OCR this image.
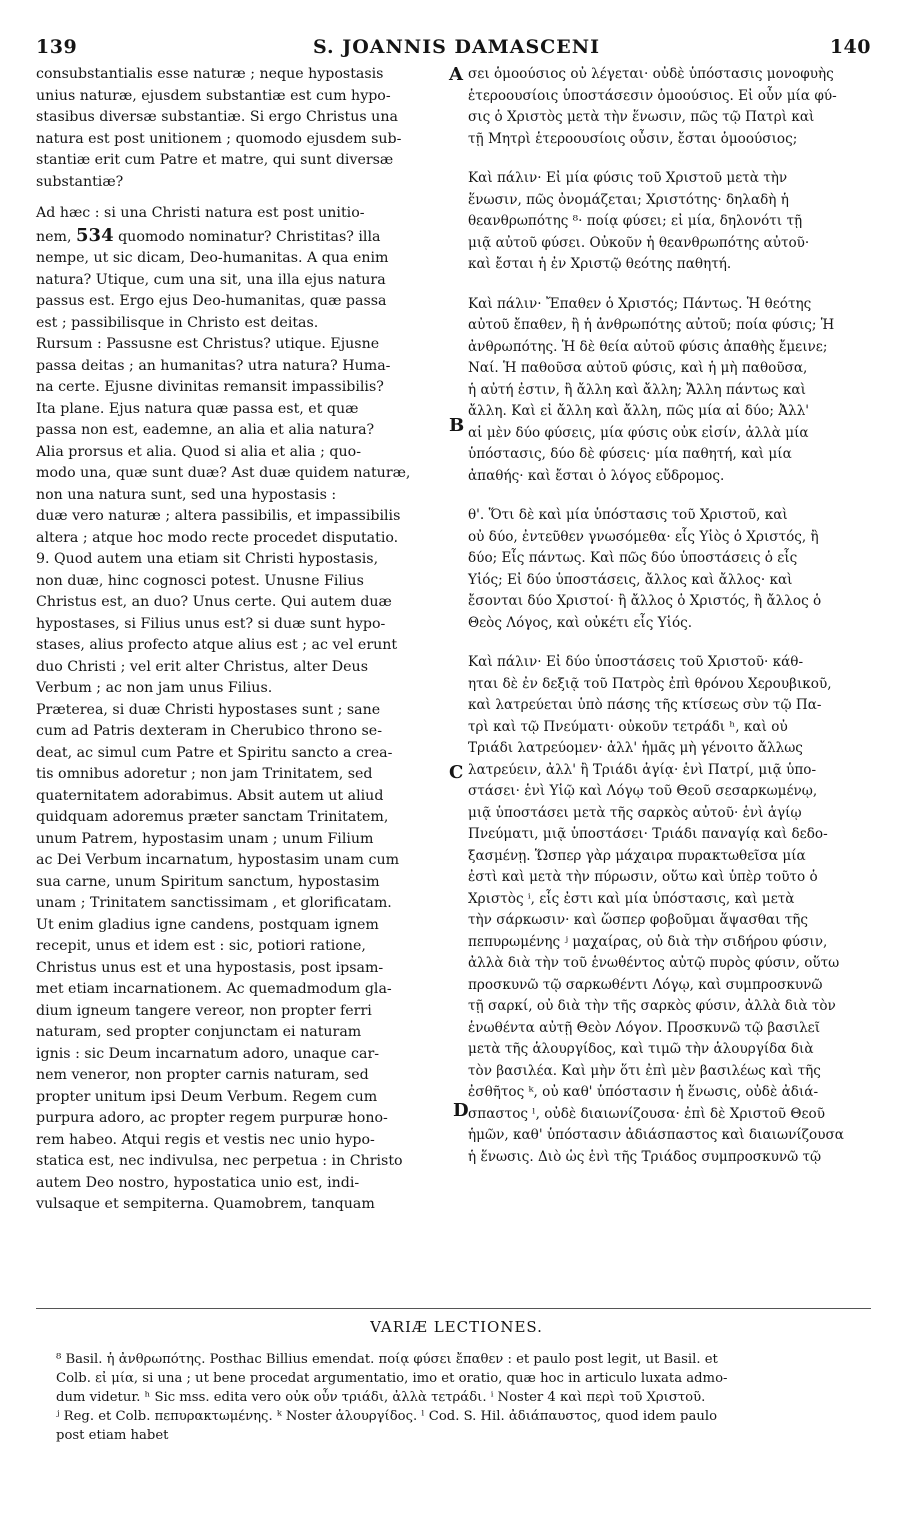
139	S. JOANNIS DAMASCENI	140

consubstantialis esse naturæ ; neque hypostasis
unius naturæ, ejusdem substantiæ est cum hypo-
stasibus diversæ substantiæ. Si ergo Christus una
natura est post unitionem ; quomodo ejusdem sub-
stantiæ erit cum Patre et matre, qui sunt diversæ
substantiæ?

Ad hæc : si una Christi natura est post unitio-
nem, 534 quomodo nominatur? Christitas? illa
nempe, ut sic dicam, Deo-humanitas. A qua enim
natura? Utique, cum una sit, una illa ejus natura
passus est. Ergo ejus Deo-humanitas, quæ passa
est ; passibilisque in Christo est deitas.

Rursum : Passusne est Christus? utique. Ejusne
passa deitas ; an humanitas? utra natura? Huma-
na certe. Ejusne divinitas remansit impassibilis?
Ita plane. Ejus natura quæ passa est, et quæ
passa non est, eademne, an alia et alia natura?
Alia prorsus et alia. Quod si alia et alia ; quo-
modo una, quæ sunt duæ? Ast duæ quidem naturæ,
non una natura sunt, sed una hypostasis :
duæ vero naturæ ; altera passibilis, et impassibilis
altera ; atque hoc modo recte procedet disputatio.

9. Quod autem una etiam sit Christi hypostasis,
non duæ, hinc cognosci potest. Unusne Filius
Christus est, an duo? Unus certe. Qui autem duæ
hypostases, si Filius unus est? si duæ sunt hypo-
stases, alius profecto atque alius est ; ac vel erunt
duo Christi ; vel erit alter Christus, alter Deus
Verbum ; ac non jam unus Filius.

Præterea, si duæ Christi hypostases sunt ; sane
cum ad Patris dexteram in Cherubico throno se-
deat, ac simul cum Patre et Spiritu sancto a crea-
tis omnibus adoretur ; non jam Trinitatem, sed
quaternitatem adorabimus. Absit autem ut aliud
quidquam adoremus præter sanctam Trinitatem,
unum Patrem, hypostasim unam ; unum Filium
ac Dei Verbum incarnatum, hypostasim unam cum
sua carne, unum Spiritum sanctum, hypostasim
unam ; Trinitatem sanctissimam , et glorificatam.
Ut enim gladius igne candens, postquam ignem
recepit, unus et idem est : sic, potiori ratione,
Christus unus est et una hypostasis, post ipsam-
met etiam incarnationem. Ac quemadmodum gla-
dium igneum tangere vereor, non propter ferri
naturam, sed propter conjunctam ei naturam
ignis : sic Deum incarnatum adoro, unaque car-
nem veneror, non propter carnis naturam, sed
propter unitum ipsi Deum Verbum. Regem cum
purpura adoro, ac propter regem purpuræ hono-
rem habeo. Atqui regis et vestis nec unio hypo-
statica est, nec indivulsa, nec perpetua : in Christo
autem Deo nostro, hypostatica unio est, indi-
vulsaque et sempiterna. Quamobrem, tanquam

A
B
C
D

σει ὁμοούσιος οὐ λέγεται· οὐδὲ ὑπόστασις μονοφυὴς
ἑτεροουσίοις ὑποστάσεσιν ὁμοούσιος. Εἰ οὖν μία φύ-
σις ὁ Χριστὸς μετὰ τὴν ἕνωσιν, πῶς τῷ Πατρὶ καὶ
τῇ Μητρὶ ἑτεροουσίοις οὖσιν, ἔσται ὁμοούσιος;

Καὶ πάλιν· Εἰ μία φύσις τοῦ Χριστοῦ μετὰ τὴν
ἕνωσιν, πῶς ὀνομάζεται; Χριστότης· δηλαδὴ ἡ
θεανθρωπότης ⁸· ποίᾳ φύσει; εἰ μία, δηλονότι τῇ
μιᾷ αὐτοῦ φύσει. Οὐκοῦν ἡ θεανθρωπότης αὐτοῦ·
καὶ ἔσται ἡ ἐν Χριστῷ θεότης παθητή.

Καὶ πάλιν· Ἔπαθεν ὁ Χριστός; Πάντως. Ἡ θεότης
αὐτοῦ ἔπαθεν, ἢ ἡ ἀνθρωπότης αὐτοῦ; ποία φύσις; Ἡ
ἀνθρωπότης. Ἡ δὲ θεία αὐτοῦ φύσις ἀπαθὴς ἔμεινε;
Ναί. Ἡ παθοῦσα αὐτοῦ φύσις, καὶ ἡ μὴ παθοῦσα,
ἡ αὐτή ἐστιν, ἢ ἄλλη καὶ ἄλλη; Ἄλλη πάντως καὶ
ἄλλη. Καὶ εἰ ἄλλη καὶ ἄλλη, πῶς μία αἱ δύο; Ἀλλ'
αἱ μὲν δύο φύσεις, μία φύσις οὐκ εἰσίν, ἀλλὰ μία
ὑπόστασις, δύο δὲ φύσεις· μία παθητή, καὶ μία
ἀπαθής· καὶ ἔσται ὁ λόγος εὔδρομος.

θ'. Ὅτι δὲ καὶ μία ὑπόστασις τοῦ Χριστοῦ, καὶ
οὐ δύο, ἐντεῦθεν γνωσόμεθα· εἷς Υἱὸς ὁ Χριστός, ἢ
δύο; Εἷς πάντως. Καὶ πῶς δύο ὑποστάσεις ὁ εἷς
Υἱός; Εἰ δύο ὑποστάσεις, ἄλλος καὶ ἄλλος· καὶ
ἔσονται δύο Χριστοί· ἢ ἄλλος ὁ Χριστός, ἢ ἄλλος ὁ
Θεὸς Λόγος, καὶ οὐκέτι εἷς Υἱός.

Καὶ πάλιν· Εἰ δύο ὑποστάσεις τοῦ Χριστοῦ· κάθ-
ηται δὲ ἐν δεξιᾷ τοῦ Πατρὸς ἐπὶ θρόνου Χερουβικοῦ,
καὶ λατρεύεται ὑπὸ πάσης τῆς κτίσεως σὺν τῷ Πα-
τρὶ καὶ τῷ Πνεύματι· οὐκοῦν τετράδι ʰ, καὶ οὐ
Τριάδι λατρεύομεν· ἀλλ' ἡμᾶς μὴ γένοιτο ἄλλως
λατρεύειν, ἀλλ' ἢ Τριάδι ἁγίᾳ· ἑνὶ Πατρί, μιᾷ ὑπο-
στάσει· ἑνὶ Υἱῷ καὶ Λόγῳ τοῦ Θεοῦ σεσαρκωμένῳ,
μιᾷ ὑποστάσει μετὰ τῆς σαρκὸς αὐτοῦ· ἑνὶ ἁγίῳ
Πνεύματι, μιᾷ ὑποστάσει· Τριάδι παναγίᾳ καὶ δεδο-
ξασμένῃ. Ὥσπερ γὰρ μάχαιρα πυρακτωθεῖσα μία
ἐστὶ καὶ μετὰ τὴν πύρωσιν, οὕτω καὶ ὑπὲρ τοῦτο ὁ
Χριστὸς ⁱ, εἷς ἐστι καὶ μία ὑπόστασις, καὶ μετὰ
τὴν σάρκωσιν· καὶ ὥσπερ φοβοῦμαι ἅψασθαι τῆς
πεπυρωμένης ʲ μαχαίρας, οὐ διὰ τὴν σιδήρου φύσιν,
ἀλλὰ διὰ τὴν τοῦ ἑνωθέντος αὐτῷ πυρὸς φύσιν, οὕτω
προσκυνῶ τῷ σαρκωθέντι Λόγῳ, καὶ συμπροσκυνῶ
τῇ σαρκί, οὐ διὰ τὴν τῆς σαρκὸς φύσιν, ἀλλὰ διὰ τὸν
ἑνωθέντα αὐτῇ Θεὸν Λόγον. Προσκυνῶ τῷ βασιλεῖ
μετὰ τῆς ἁλουργίδος, καὶ τιμῶ τὴν ἁλουργίδα διὰ
τὸν βασιλέα. Καὶ μὴν ὅτι ἐπὶ μὲν βασιλέως καὶ τῆς
ἐσθῆτος ᵏ, οὐ καθ' ὑπόστασιν ἡ ἕνωσις, οὐδὲ ἀδιά-
σπαστος ˡ, οὐδὲ διαιωνίζουσα· ἐπὶ δὲ Χριστοῦ Θεοῦ
ἡμῶν, καθ' ὑπόστασιν ἀδιάσπαστος καὶ διαιωνίζουσα
ἡ ἕνωσις. Διὸ ὡς ἑνὶ τῆς Τριάδος συμπροσκυνῶ τῷ

VARIÆ LECTIONES.
⁸ Basil. ἡ ἀνθρωπότης. Posthac Billius emendat. ποίᾳ φύσει ἔπαθεν : et paulo post legit, ut Basil. et
Colb. εἰ μία, si una ; ut bene procedat argumentatio, imo et oratio, quæ hoc in articulo luxata admo-
dum videtur. ʰ Sic mss. edita vero οὐκ οὖν τριάδι, ἀλλὰ τετράδι. ⁱ Noster 4 καὶ περὶ τοῦ Χριστοῦ.
ʲ Reg. et Colb. πεπυρακτωμένης. ᵏ Noster ἁλουργίδος. ˡ Cod. S. Hil. ἀδιάπαυστος, quod idem paulo
post etiam habet
